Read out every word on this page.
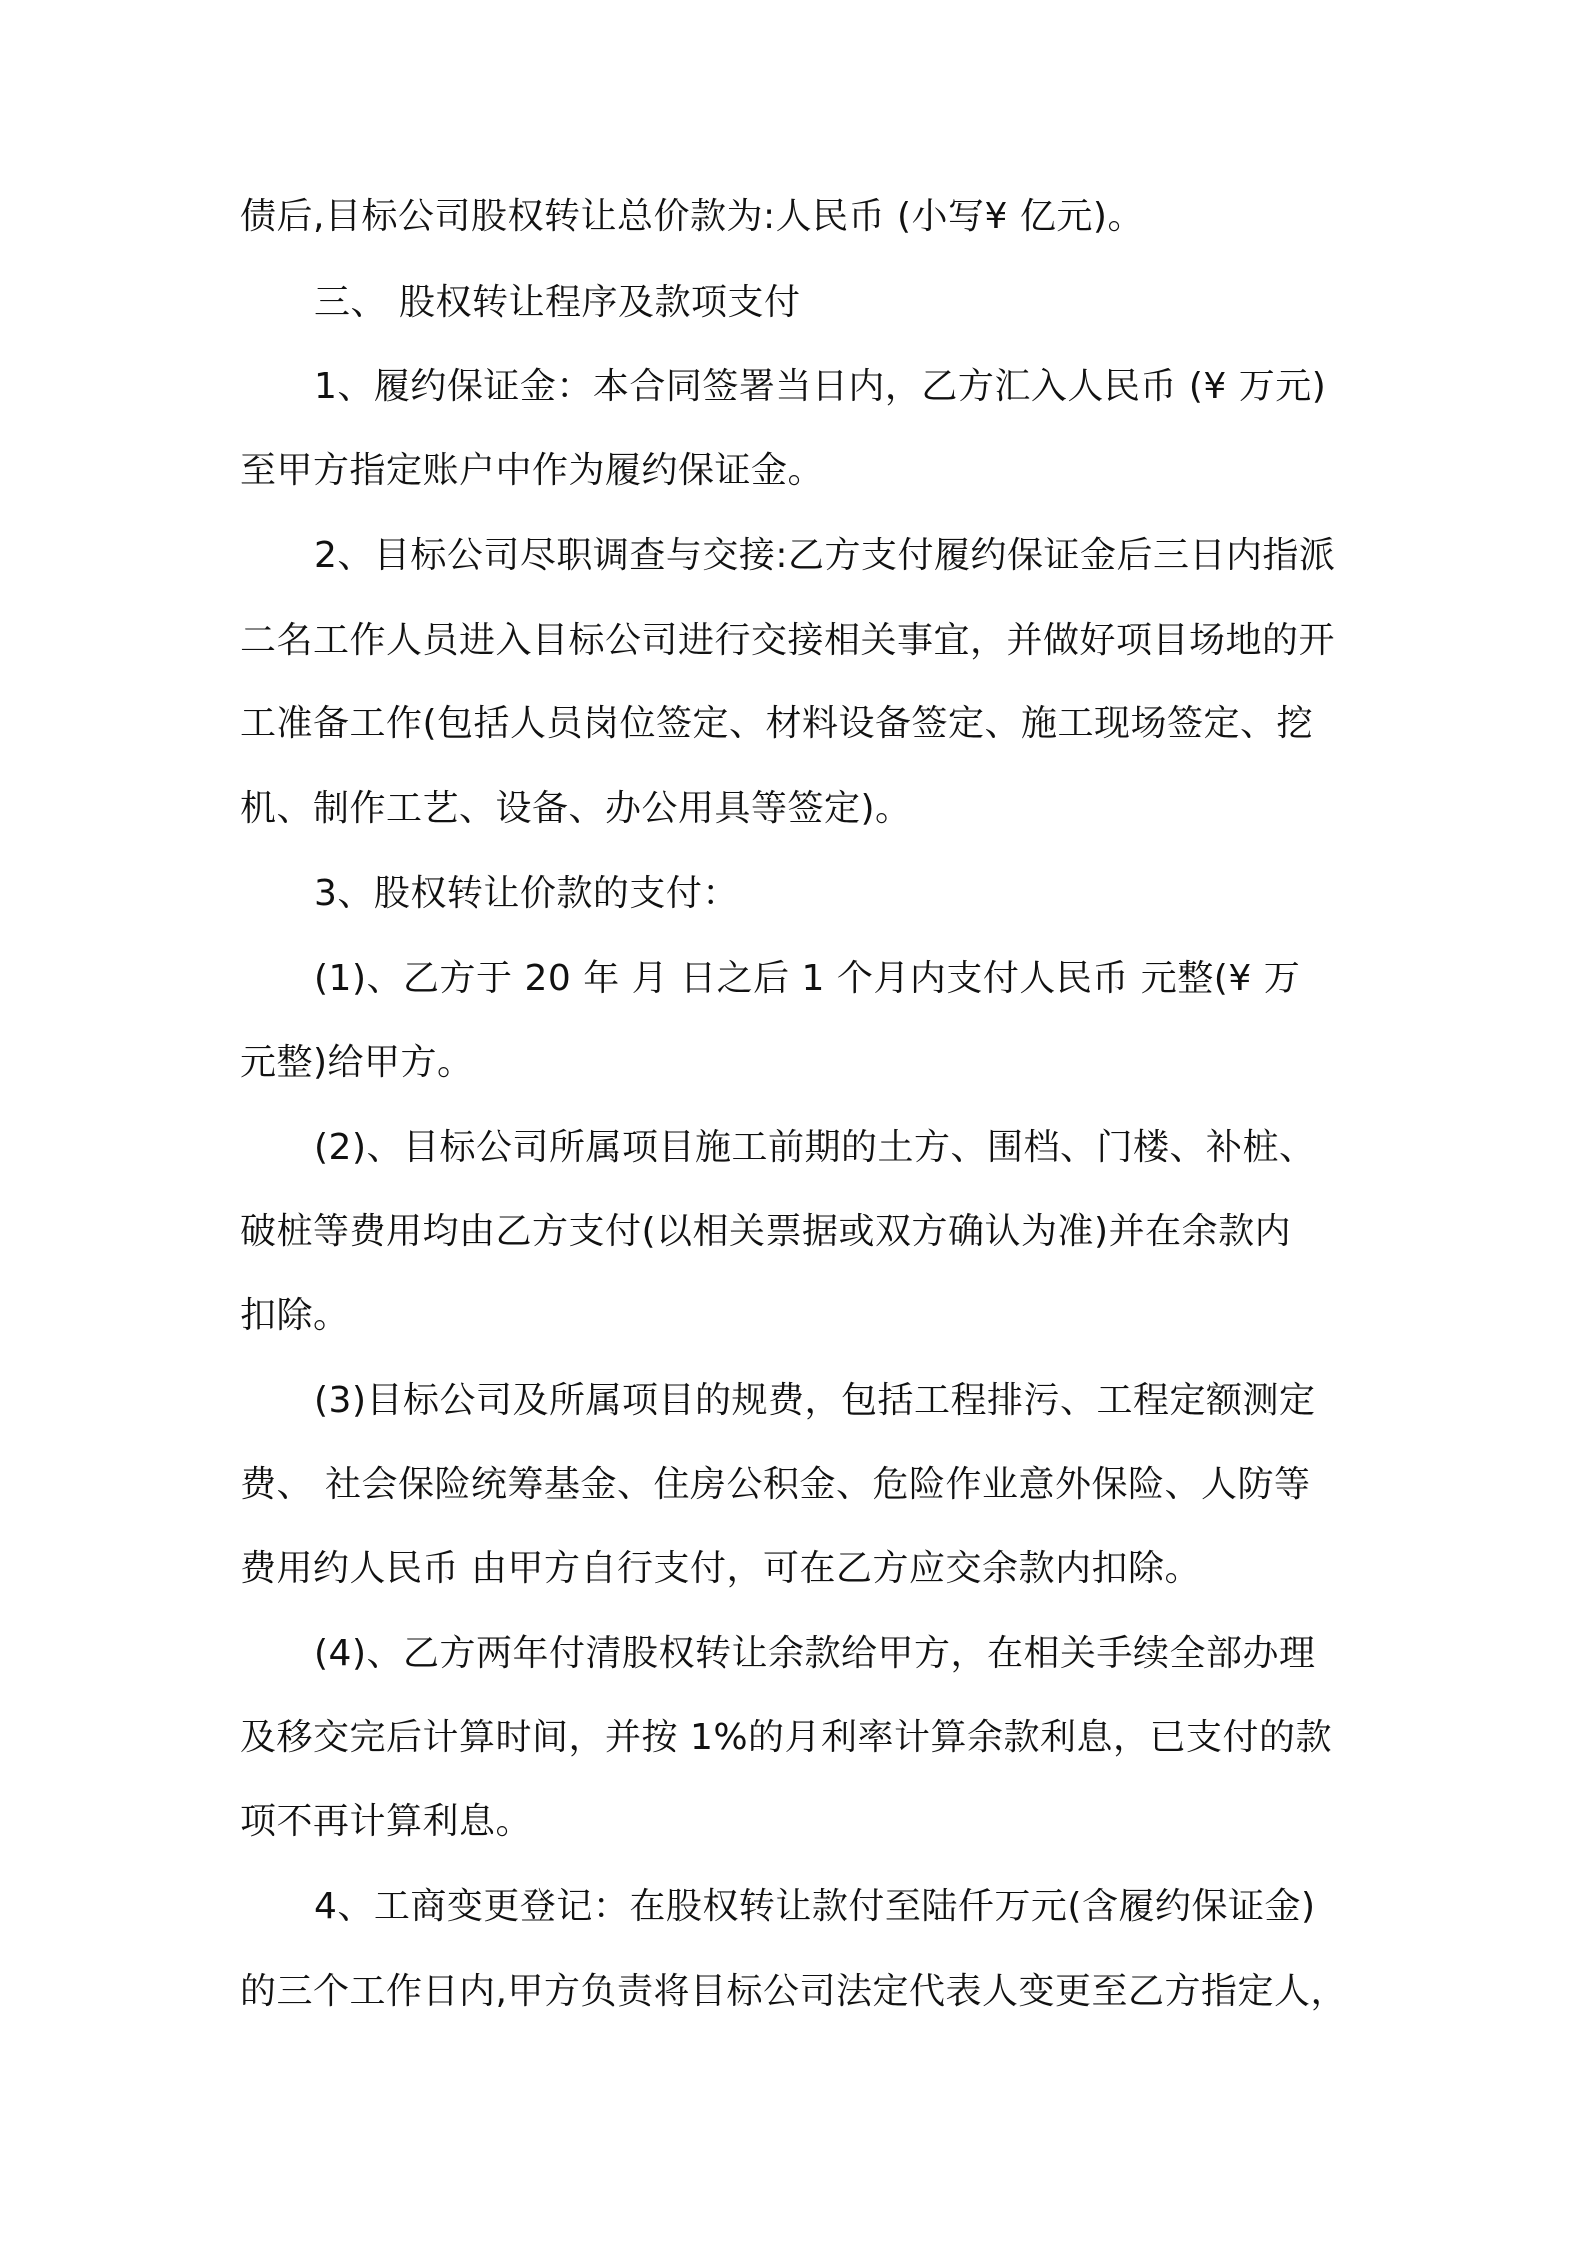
债后,目标公司股权转让总价款为:人民币 (小写¥ 亿元)。
三、 股权转让程序及款项支付
1、履约保证金：本合同签署当日内，乙方汇入人民币 (¥ 万元)
至甲方指定账户中作为履约保证金。
2、目标公司尽职调查与交接:乙方支付履约保证金后三日内指派
二名工作人员进入目标公司进行交接相关事宜，并做好项目场地的开
工准备工作(包括人员岗位签定、材料设备签定、施工现场签定、挖
机、制作工艺、设备、办公用具等签定)。
3、股权转让价款的支付：
(1)、乙方于 20 年 月 日之后 1 个月内支付人民币 元整(¥ 万
元整)给甲方。
(2)、目标公司所属项目施工前期的土方、围档、门楼、补桩、
破桩等费用均由乙方支付(以相关票据或双方确认为准)并在余款内
扣除。
(3)目标公司及所属项目的规费，包括工程排污、工程定额测定
费、 社会保险统筹基金、住房公积金、危险作业意外保险、人防等
费用约人民币 由甲方自行支付，可在乙方应交余款内扣除。
(4)、乙方两年付清股权转让余款给甲方，在相关手续全部办理
及移交完后计算时间，并按 1%的月利率计算余款利息，已支付的款
项不再计算利息。
4、工商变更登记：在股权转让款付至陆仟万元(含履约保证金)
的三个工作日内,甲方负责将目标公司法定代表人变更至乙方指定人，
